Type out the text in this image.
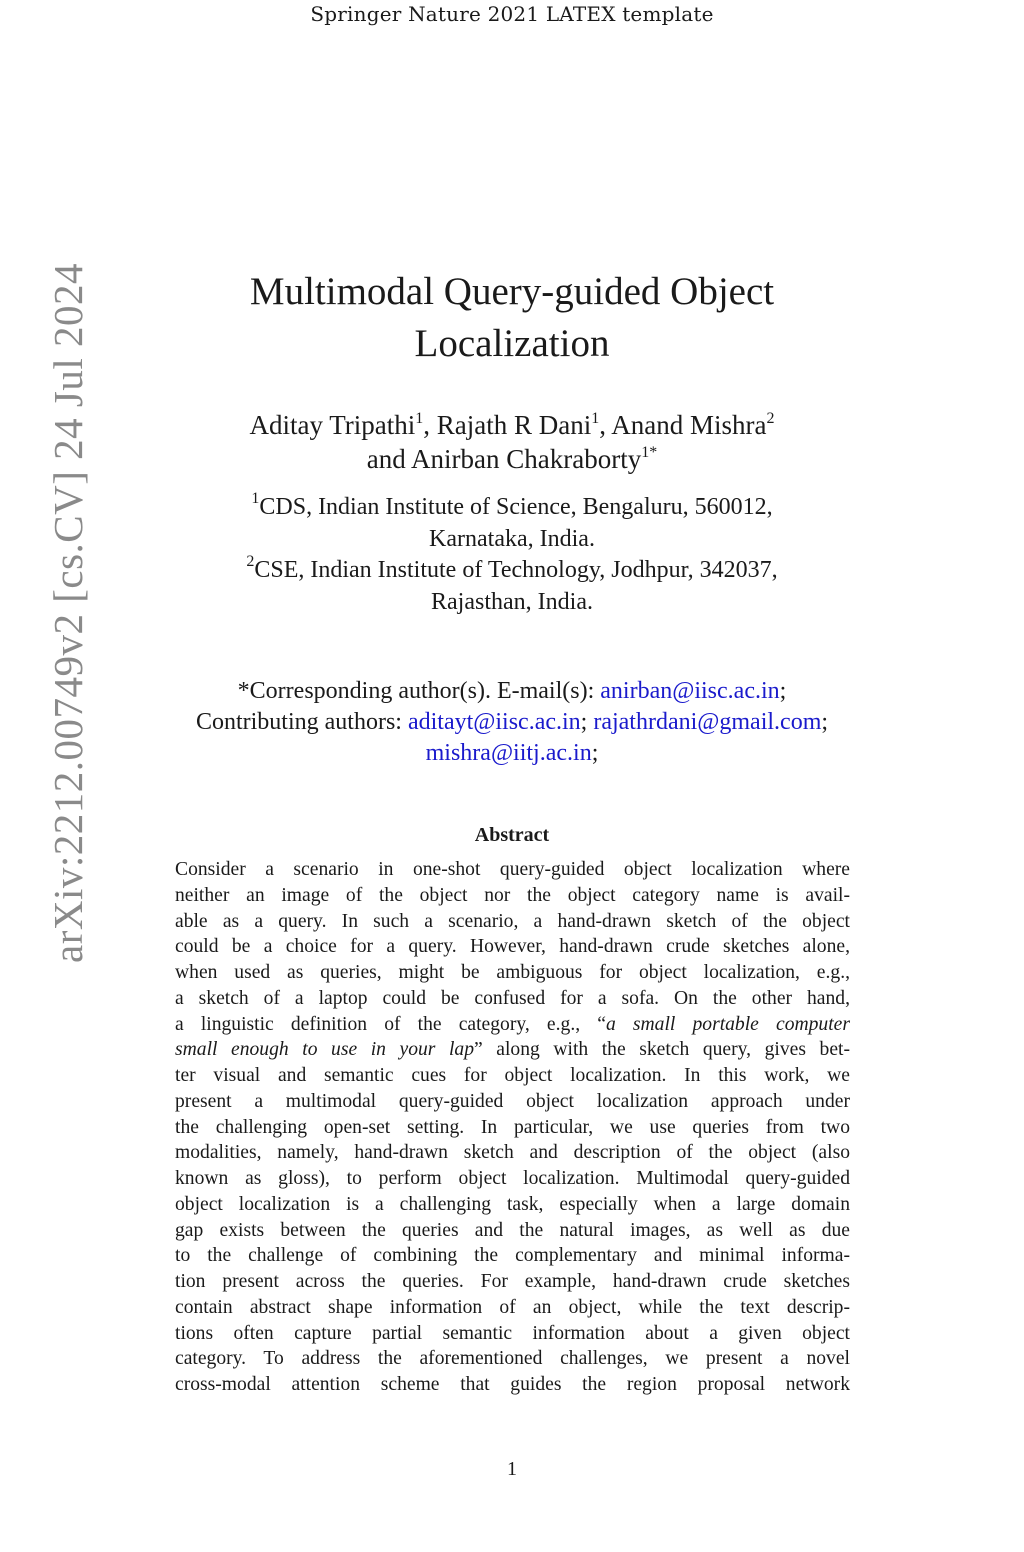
Springer Nature 2021 LATEX template
arXiv:2212.00749v2 [cs.CV] 24 Jul 2024	Multimodal Query-guided Object
Localization
Aditay Tripathi$^1$, Rajath R Dani$^1$, Anand Mishra$^2$
and Anirban Chakraborty$^{1*}$
$^1$CDS, Indian Institute of Science, Bengaluru, 560012,
Karnataka, India.
$^2$CSE, Indian Institute of Technology, Jodhpur, 342037,
Rajasthan, India.
*Corresponding author(s). E-mail(s): anirban@iisc.ac.in;
Contributing authors: aditayt@iisc.ac.in; rajathrdani@gmail.com;
mishra@iitj.ac.in;
Abstract
Consider a scenario in one-shot query-guided object localization where
neither an image of the object nor the object category name is avail-
able as a query. In such a scenario, a hand-drawn sketch of the object
could be a choice for a query. However, hand-drawn crude sketches alone,
when used as queries, might be ambiguous for object localization, e.g.,
a sketch of a laptop could be confused for a sofa. On the other hand,
a linguistic definition of the category, e.g., “a small portable computer
small enough to use in your lap” along with the sketch query, gives bet-
ter visual and semantic cues for object localization. In this work, we
present a multimodal query-guided object localization approach under
the challenging open-set setting. In particular, we use queries from two
modalities, namely, hand-drawn sketch and description of the object (also
known as gloss), to perform object localization. Multimodal query-guided
object localization is a challenging task, especially when a large domain
gap exists between the queries and the natural images, as well as due
to the challenge of combining the complementary and minimal informa-
tion present across the queries. For example, hand-drawn crude sketches
contain abstract shape information of an object, while the text descrip-
tions often capture partial semantic information about a given object
category. To address the aforementioned challenges, we present a novel
cross-modal attention scheme that guides the region proposal network
1
